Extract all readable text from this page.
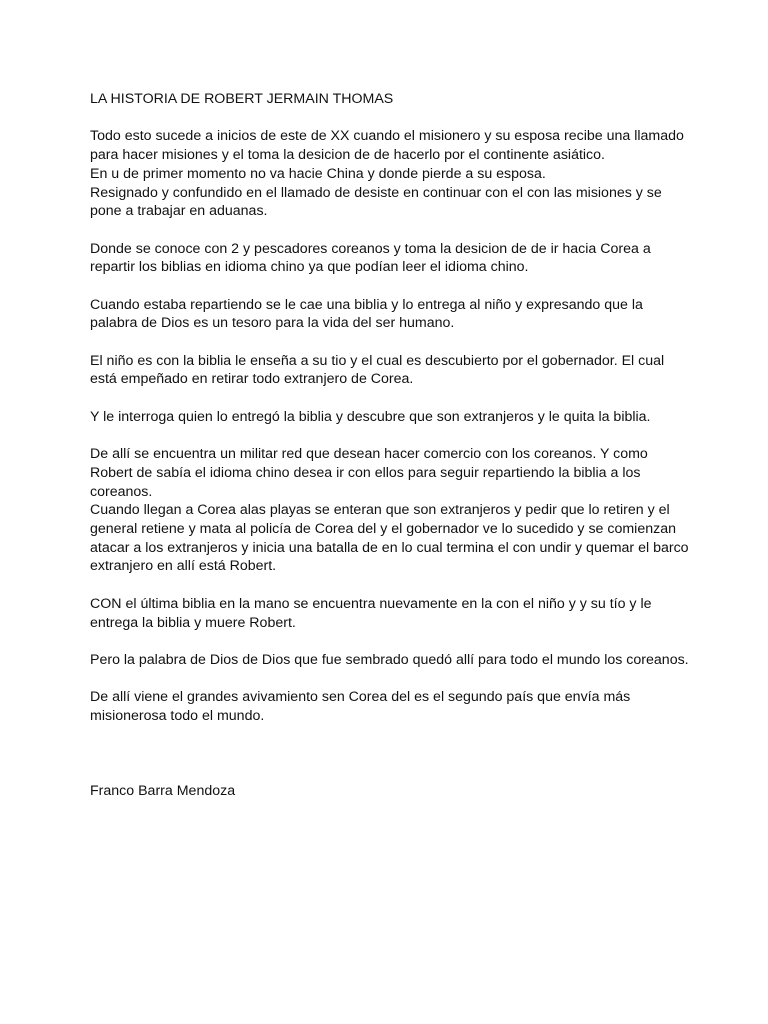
LA HISTORIA DE ROBERT JERMAIN THOMAS
Todo esto sucede a inicios de este de XX cuando el misionero y su esposa recibe una llamado para hacer misiones y el toma la desicion de de hacerlo por el continente asiático.
En u de primer momento no va hacie China y donde pierde a su esposa.
Resignado y confundido en el llamado de desiste en continuar con el con las misiones y se pone a trabajar en aduanas.
Donde se conoce con 2 y pescadores coreanos y toma la desicion de de ir hacia Corea a repartir los biblias en idioma chino ya que podían leer el idioma chino.
Cuando estaba repartiendo se le cae una biblia y lo entrega al niño y expresando que la palabra de Dios es un tesoro para la vida del ser humano.
El niño es con la biblia le enseña a su tio y el cual es descubierto por el gobernador. El cual está empeñado en retirar todo extranjero de Corea.
Y le interroga quien lo entregó la biblia y descubre que son extranjeros y le quita la biblia.
De allí se encuentra un militar red que desean hacer comercio con los coreanos. Y como Robert de sabía el idioma chino desea ir con ellos para seguir repartiendo la biblia a los coreanos.
Cuando llegan a Corea alas playas se enteran que son extranjeros y pedir que lo retiren y el general retiene y mata al policía de Corea del y el gobernador ve lo sucedido y se comienzan atacar a los extranjeros y inicia una batalla de en lo cual termina el con undir y quemar el barco extranjero en allí está Robert.
CON el última biblia en la mano se encuentra nuevamente en la con el niño y y su tío y le entrega la biblia y muere Robert.
Pero la palabra de Dios de Dios que fue sembrado quedó allí para todo el mundo los coreanos.
De allí viene el grandes avivamiento sen Corea del es el segundo país que envía más misionerosa todo el mundo.
Franco Barra Mendoza
